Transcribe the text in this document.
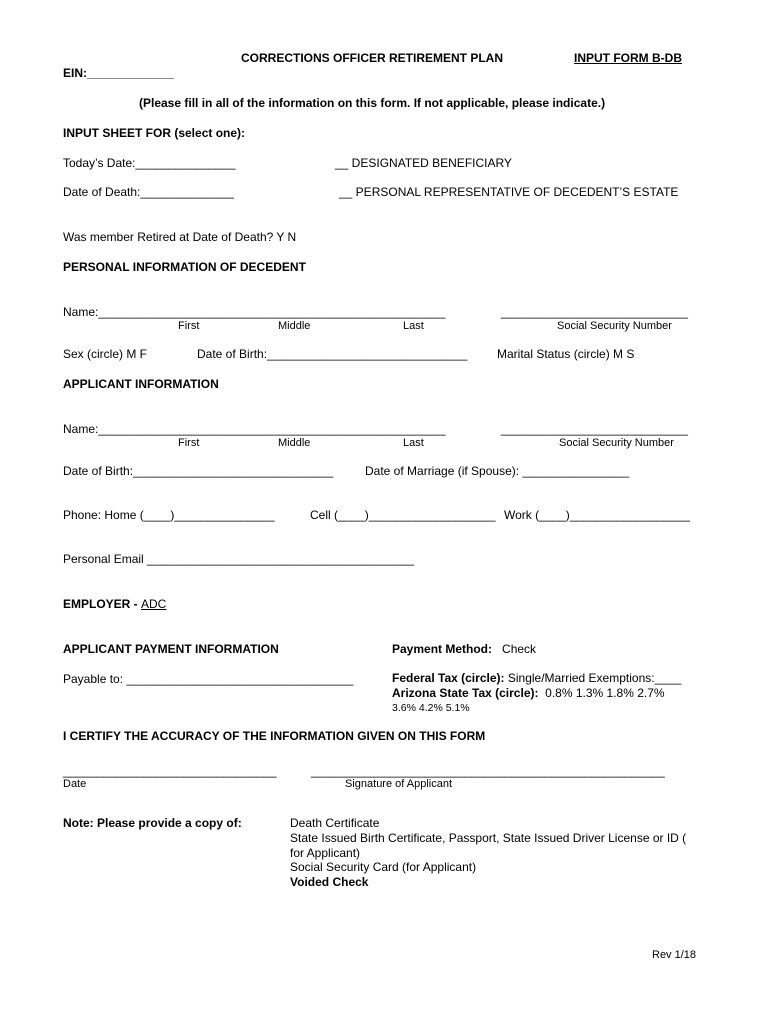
CORRECTIONS OFFICER RETIREMENT PLAN	INPUT FORM B-DB
EIN:_____________
(Please fill in all of the information on this form. If not applicable, please indicate.)
INPUT SHEET FOR (select one):
Today’s Date:_______________	__ DESIGNATED BENEFICIARY
Date of Death:______________	__ PERSONAL REPRESENTATIVE OF DECEDENT’S ESTATE
Was member Retired at Date of Death? Y N
PERSONAL INFORMATION OF DECEDENT
Name:____________________________________________________	____________________________
First	Middle	Last	Social Security Number
Sex (circle) M F	Date of Birth:______________________________ Marital Status (circle) M S
APPLICANT INFORMATION
Name:____________________________________________________	____________________________
First	Middle	Last	Social Security Number
Date of Birth:______________________________	Date of Marriage (if Spouse): ________________
Phone: Home (____)_______________	Cell (____)___________________ Work (____)__________________
Personal Email ________________________________________
EMPLOYER - ADC
APPLICANT PAYMENT INFORMATION	Payment Method: Check
Payable to: __________________________________	Federal Tax (circle): Single/Married Exemptions:____
Arizona State Tax (circle): 0.8% 1.3% 1.8% 2.7%
3.6% 4.2% 5.1%
I CERTIFY THE ACCURACY OF THE INFORMATION GIVEN ON THIS FORM
________________________________	_____________________________________________________
Date	Signature of Applicant
Note: Please provide a copy of:	Death Certificate
State Issued Birth Certificate, Passport, State Issued Driver License or ID (
for Applicant)
Social Security Card (for Applicant)
Voided Check
Rev 1/18
